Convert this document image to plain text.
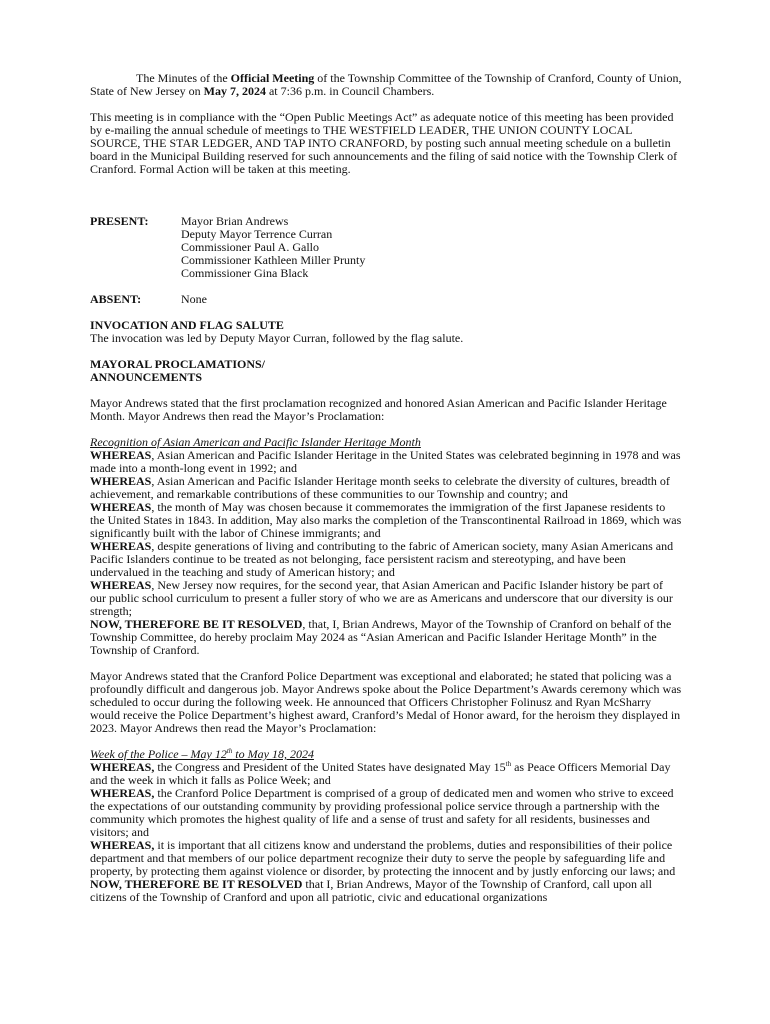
The Minutes of the Official Meeting of the Township Committee of the Township of Cranford, County of Union, State of New Jersey on May 7, 2024 at 7:36 p.m. in Council Chambers.

This meeting is in compliance with the “Open Public Meetings Act” as adequate notice of this meeting has been provided by e-mailing the annual schedule of meetings to THE WESTFIELD LEADER, THE UNION COUNTY LOCAL SOURCE, THE STAR LEDGER, AND TAP INTO CRANFORD, by posting such annual meeting schedule on a bulletin board in the Municipal Building reserved for such announcements and the filing of said notice with the Township Clerk of Cranford. Formal Action will be taken at this meeting.

PRESENT:	Mayor Brian Andrews
Deputy Mayor Terrence Curran
Commissioner Paul A. Gallo
Commissioner Kathleen Miller Prunty
Commissioner Gina Black
ABSENT:	None

INVOCATION AND FLAG SALUTE

The invocation was led by Deputy Mayor Curran, followed by the flag salute.

MAYORAL PROCLAMATIONS/

ANNOUNCEMENTS

Mayor Andrews stated that the first proclamation recognized and honored Asian American and Pacific Islander Heritage Month. Mayor Andrews then read the Mayor’s Proclamation:

Recognition of Asian American and Pacific Islander Heritage Month

WHEREAS, Asian American and Pacific Islander Heritage in the United States was celebrated beginning in 1978 and was made into a month-long event in 1992; and

WHEREAS, Asian American and Pacific Islander Heritage month seeks to celebrate the diversity of cultures, breadth of achievement, and remarkable contributions of these communities to our Township and country; and

WHEREAS, the month of May was chosen because it commemorates the immigration of the first Japanese residents to the United States in 1843. In addition, May also marks the completion of the Transcontinental Railroad in 1869, which was significantly built with the labor of Chinese immigrants; and

WHEREAS, despite generations of living and contributing to the fabric of American society, many Asian Americans and Pacific Islanders continue to be treated as not belonging, face persistent racism and stereotyping, and have been undervalued in the teaching and study of American history; and

WHEREAS, New Jersey now requires, for the second year, that Asian American and Pacific Islander history be part of our public school curriculum to present a fuller story of who we are as Americans and underscore that our diversity is our strength;

NOW, THEREFORE BE IT RESOLVED, that, I, Brian Andrews, Mayor of the Township of Cranford on behalf of the Township Committee, do hereby proclaim May 2024 as “Asian American and Pacific Islander Heritage Month” in the Township of Cranford.

Mayor Andrews stated that the Cranford Police Department was exceptional and elaborated; he stated that policing was a profoundly difficult and dangerous job. Mayor Andrews spoke about the Police Department’s Awards ceremony which was scheduled to occur during the following week. He announced that Officers Christopher Folinusz and Ryan McSharry would receive the Police Department’s highest award, Cranford’s Medal of Honor award, for the heroism they displayed in 2023. Mayor Andrews then read the Mayor’s Proclamation:

Week of the Police – May 12th to May 18, 2024

WHEREAS, the Congress and President of the United States have designated May 15th as Peace Officers Memorial Day and the week in which it falls as Police Week; and

WHEREAS, the Cranford Police Department is comprised of a group of dedicated men and women who strive to exceed the expectations of our outstanding community by providing professional police service through a partnership with the community which promotes the highest quality of life and a sense of trust and safety for all residents, businesses and visitors; and

WHEREAS, it is important that all citizens know and understand the problems, duties and responsibilities of their police department and that members of our police department recognize their duty to serve the people by safeguarding life and property, by protecting them against violence or disorder, by protecting the innocent and by justly enforcing our laws; and

NOW, THEREFORE BE IT RESOLVED that I, Brian Andrews, Mayor of the Township of Cranford, call upon all citizens of the Township of Cranford and upon all patriotic, civic and educational organizations
